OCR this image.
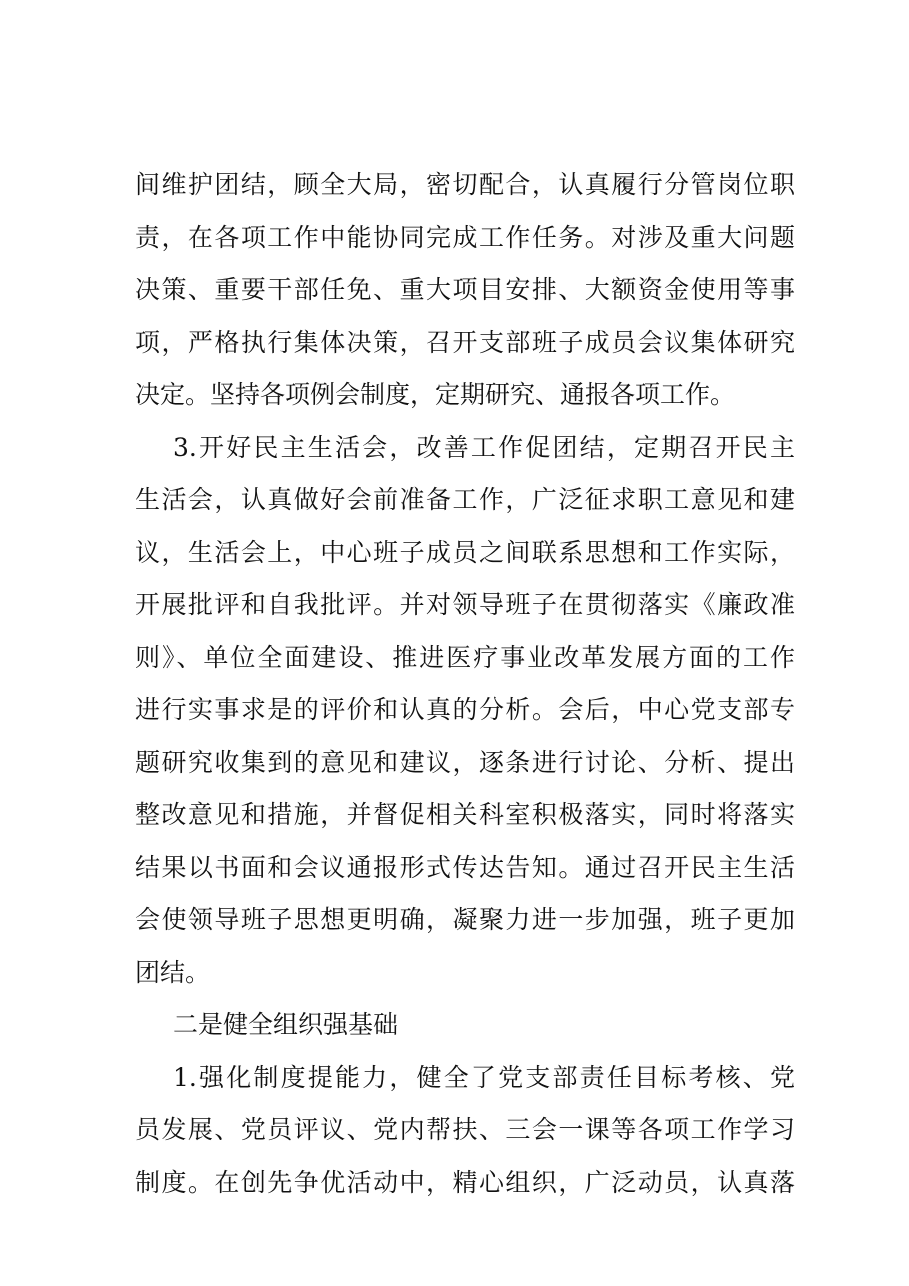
间维护团结，顾全大局，密切配合，认真履行分管岗位职
责，在各项工作中能协同完成工作任务。对涉及重大问题
决策、重要干部任免、重大项目安排、大额资金使用等事
项，严格执行集体决策，召开支部班子成员会议集体研究
决定。坚持各项例会制度，定期研究、通报各项工作。
3.开好民主生活会，改善工作促团结，定期召开民主
生活会，认真做好会前准备工作，广泛征求职工意见和建
议，生活会上，中心班子成员之间联系思想和工作实际，
开展批评和自我批评。并对领导班子在贯彻落实《廉政准
则》、单位全面建设、推进医疗事业改革发展方面的工作
进行实事求是的评价和认真的分析。会后，中心党支部专
题研究收集到的意见和建议，逐条进行讨论、分析、提出
整改意见和措施，并督促相关科室积极落实，同时将落实
结果以书面和会议通报形式传达告知。通过召开民主生活
会使领导班子思想更明确，凝聚力进一步加强，班子更加
团结。
二是健全组织强基础
1.强化制度提能力，健全了党支部责任目标考核、党
员发展、党员评议、党内帮扶、三会一课等各项工作学习
制度。在创先争优活动中，精心组织，广泛动员，认真落
